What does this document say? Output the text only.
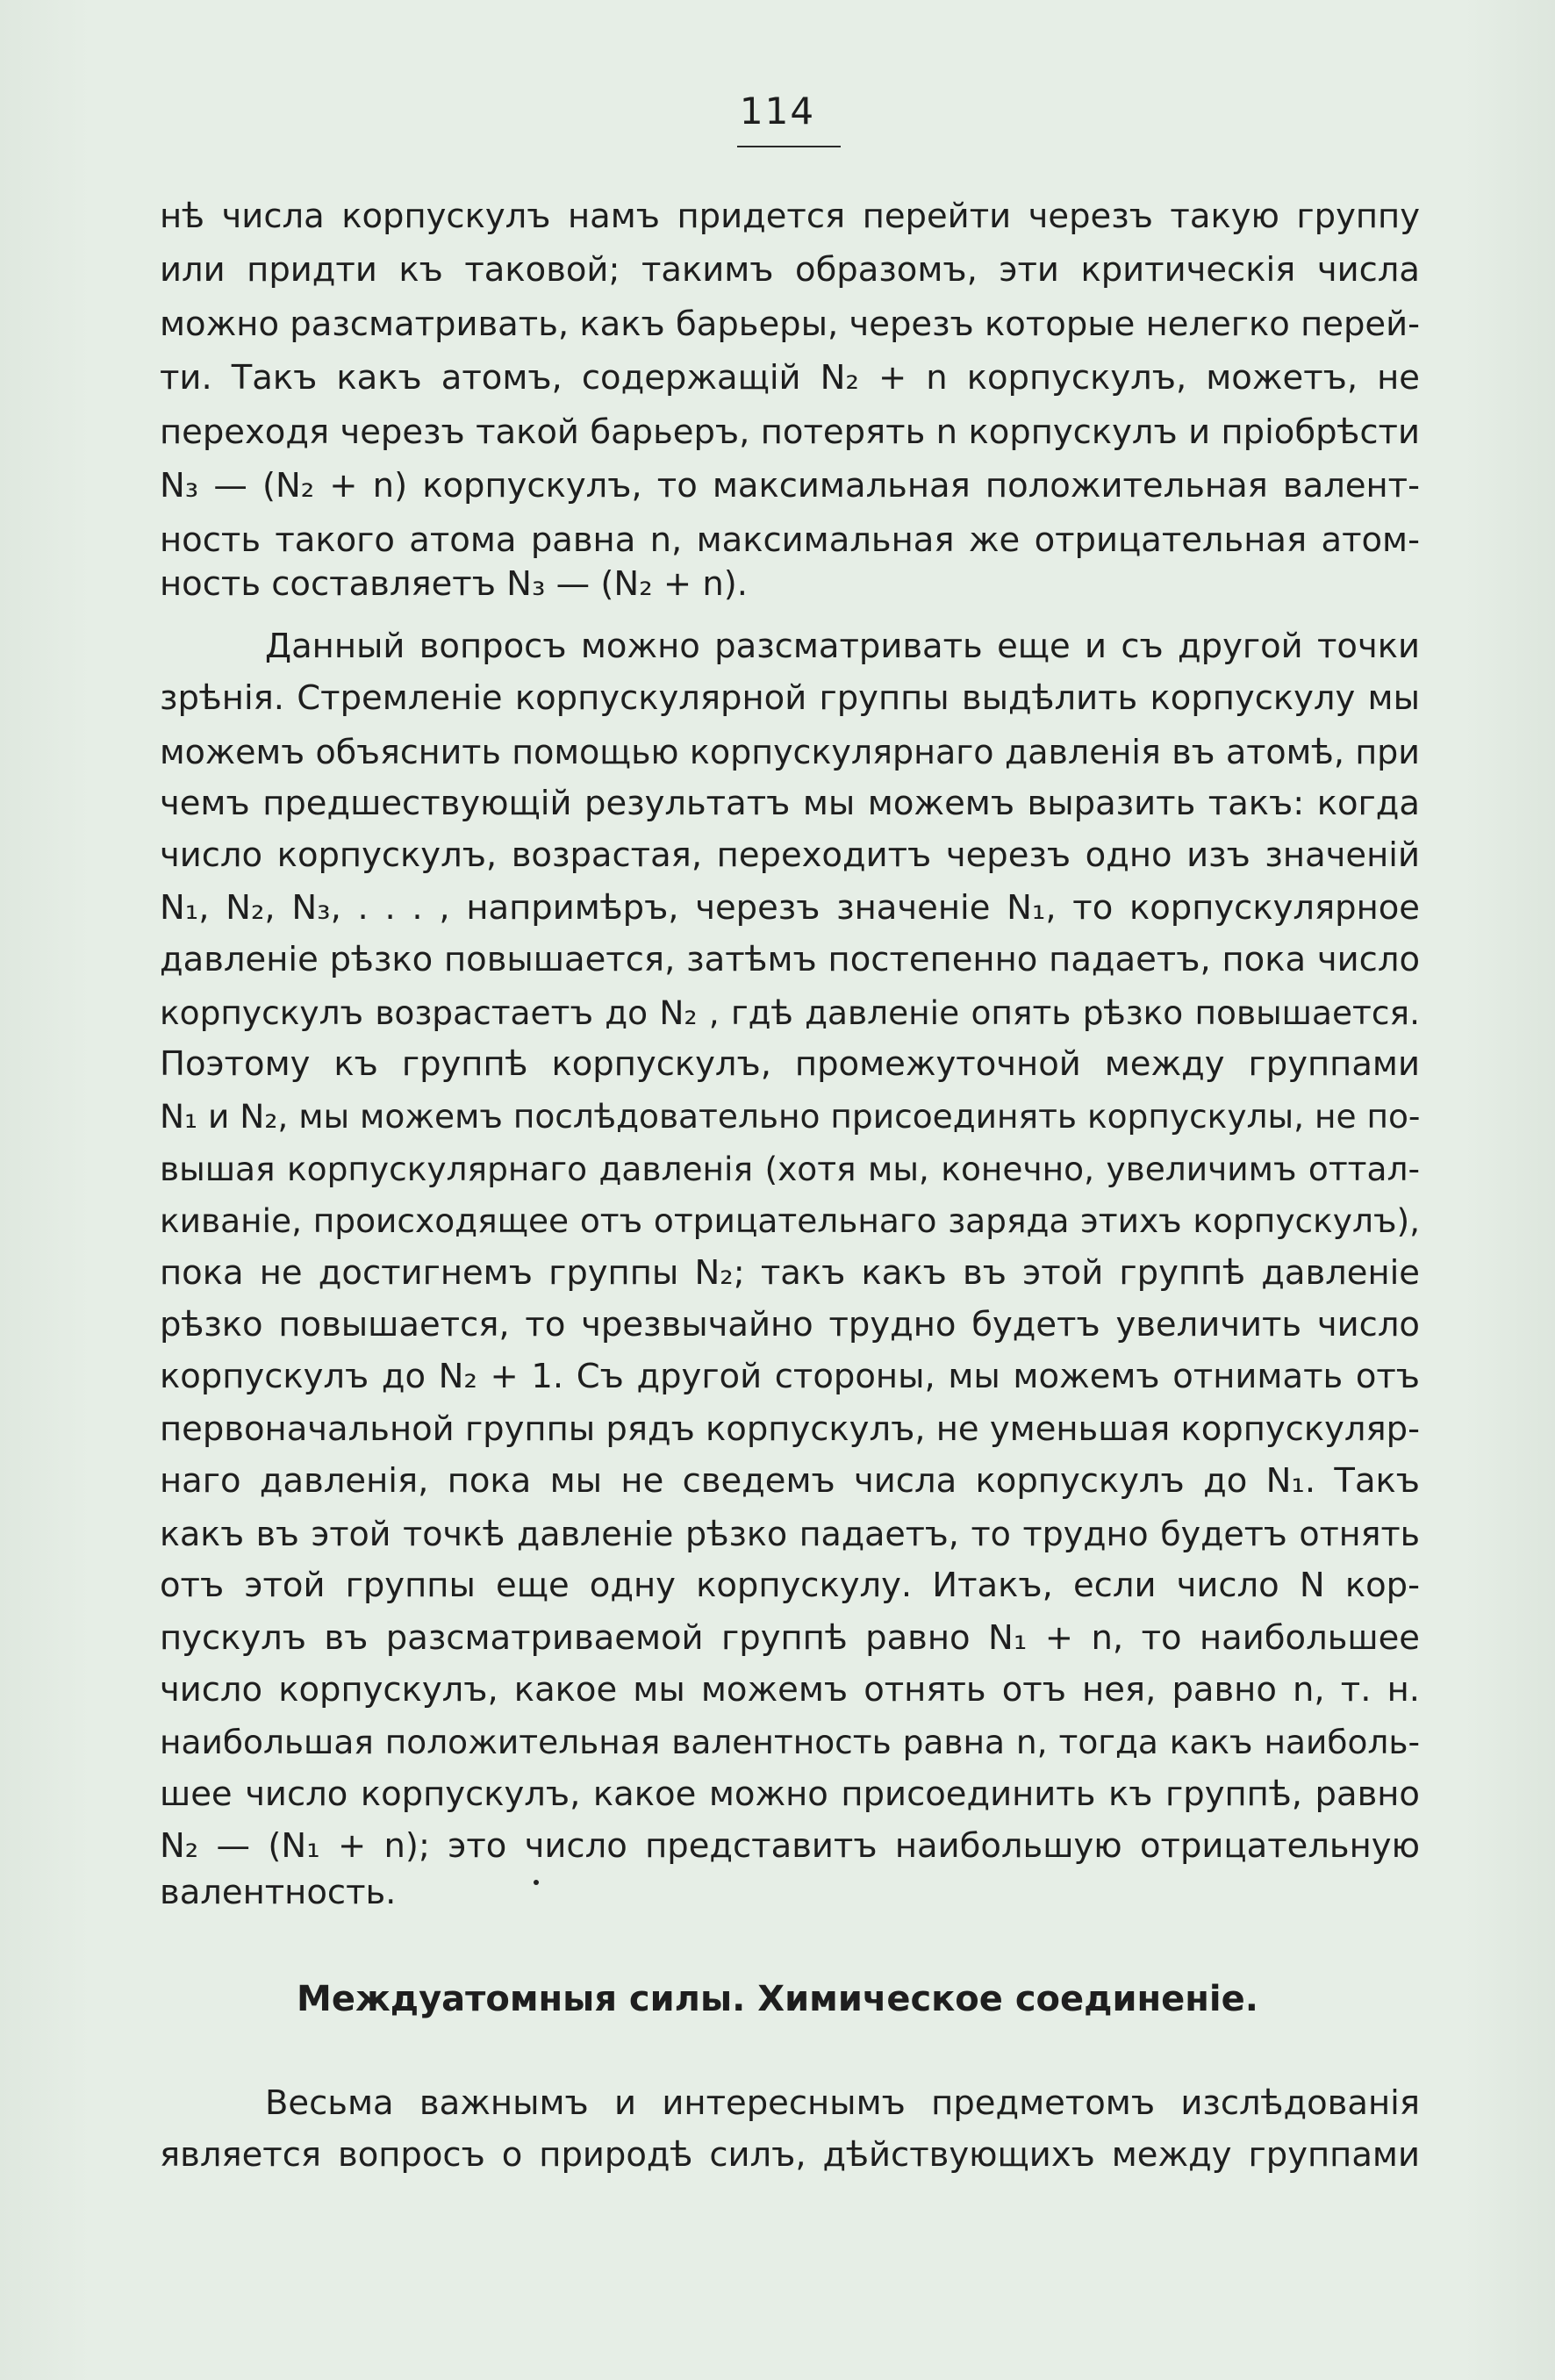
114
нѣ числа корпускулъ намъ придется перейти черезъ такую группу
или придти къ таковой; такимъ образомъ, эти критическія числа
можно разсматривать, какъ барьеры, черезъ которые нелегко перей-
ти. Такъ какъ атомъ, содержащій N₂ + n корпускулъ, можетъ, не
переходя черезъ такой барьеръ, потерять n корпускулъ и пріобрѣсти
N₃ — (N₂ + n) корпускулъ, то максимальная положительная валент-
ность такого атома равна n, максимальная же отрицательная атом-
ность составляетъ N₃ — (N₂ + n).
Данный вопросъ можно разсматривать еще и съ другой точки
зрѣнія. Стремленіе корпускулярной группы выдѣлить корпускулу мы
можемъ объяснить помощью корпускулярнаго давленія въ атомѣ, при
чемъ предшествующій результатъ мы можемъ выразить такъ: когда
число корпускулъ, возрастая, переходитъ черезъ одно изъ значеній
N₁, N₂, N₃, . . . , напримѣръ, черезъ значеніе N₁, то корпускулярное
давленіе рѣзко повышается, затѣмъ постепенно падаетъ, пока число
корпускулъ возрастаетъ до N₂ , гдѣ давленіе опять рѣзко повышается.
Поэтому къ группѣ корпускулъ, промежуточной между группами
N₁ и N₂, мы можемъ послѣдовательно присоединять корпускулы, не по-
вышая корпускулярнаго давленія (хотя мы, конечно, увеличимъ оттал-
киваніе, происходящее отъ отрицательнаго заряда этихъ корпускулъ),
пока не достигнемъ группы N₂; такъ какъ въ этой группѣ давленіе
рѣзко повышается, то чрезвычайно трудно будетъ увеличить число
корпускулъ до N₂ + 1. Съ другой стороны, мы можемъ отнимать отъ
первоначальной группы рядъ корпускулъ, не уменьшая корпускуляр-
наго давленія, пока мы не сведемъ числа корпускулъ до N₁. Такъ
какъ въ этой точкѣ давленіе рѣзко падаетъ, то трудно будетъ отнять
отъ этой группы еще одну корпускулу. Итакъ, если число N кор-
пускулъ въ разсматриваемой группѣ равно N₁ + n, то наибольшее
число корпускулъ, какое мы можемъ отнять отъ нея, равно n, т. н.
наибольшая положительная валентность равна n, тогда какъ наиболь-
шее число корпускулъ, какое можно присоединить къ группѣ, равно
N₂ — (N₁ + n); это число представитъ наибольшую отрицательную
валентность.
Междуатомныя силы. Химическое соединеніе.
Весьма важнымъ и интереснымъ предметомъ изслѣдованія
является вопросъ о природѣ силъ, дѣйствующихъ между группами
